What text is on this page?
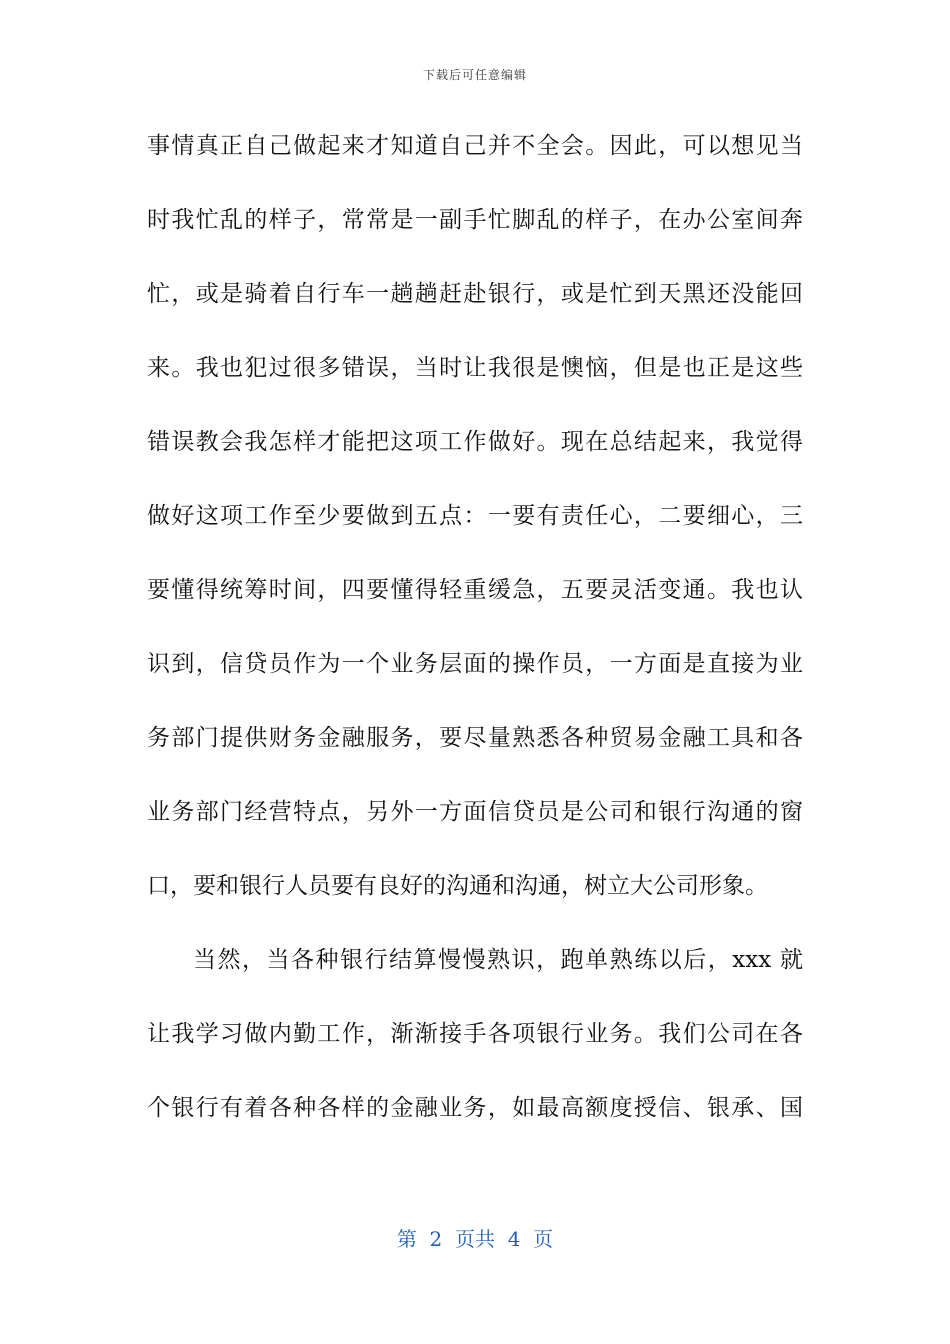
下载后可任意编辑
事情真正自己做起来才知道自己并不全会。因此，可以想见当
时我忙乱的样子，常常是一副手忙脚乱的样子，在办公室间奔
忙，或是骑着自行车一趟趟赶赴银行，或是忙到天黑还没能回
来。我也犯过很多错误，当时让我很是懊恼，但是也正是这些
错误教会我怎样才能把这项工作做好。现在总结起来，我觉得
做好这项工作至少要做到五点：一要有责任心，二要细心，三
要懂得统筹时间，四要懂得轻重缓急，五要灵活变通。我也认
识到，信贷员作为一个业务层面的操作员，一方面是直接为业
务部门提供财务金融服务，要尽量熟悉各种贸易金融工具和各
业务部门经营特点，另外一方面信贷员是公司和银行沟通的窗
口，要和银行人员要有良好的沟通和沟通，树立大公司形象。
当然，当各种银行结算慢慢熟识，跑单熟练以后，xxx 就
让我学习做内勤工作，渐渐接手各项银行业务。我们公司在各
个银行有着各种各样的金融业务，如最高额度授信、银承、国
第  2  页共  4  页
